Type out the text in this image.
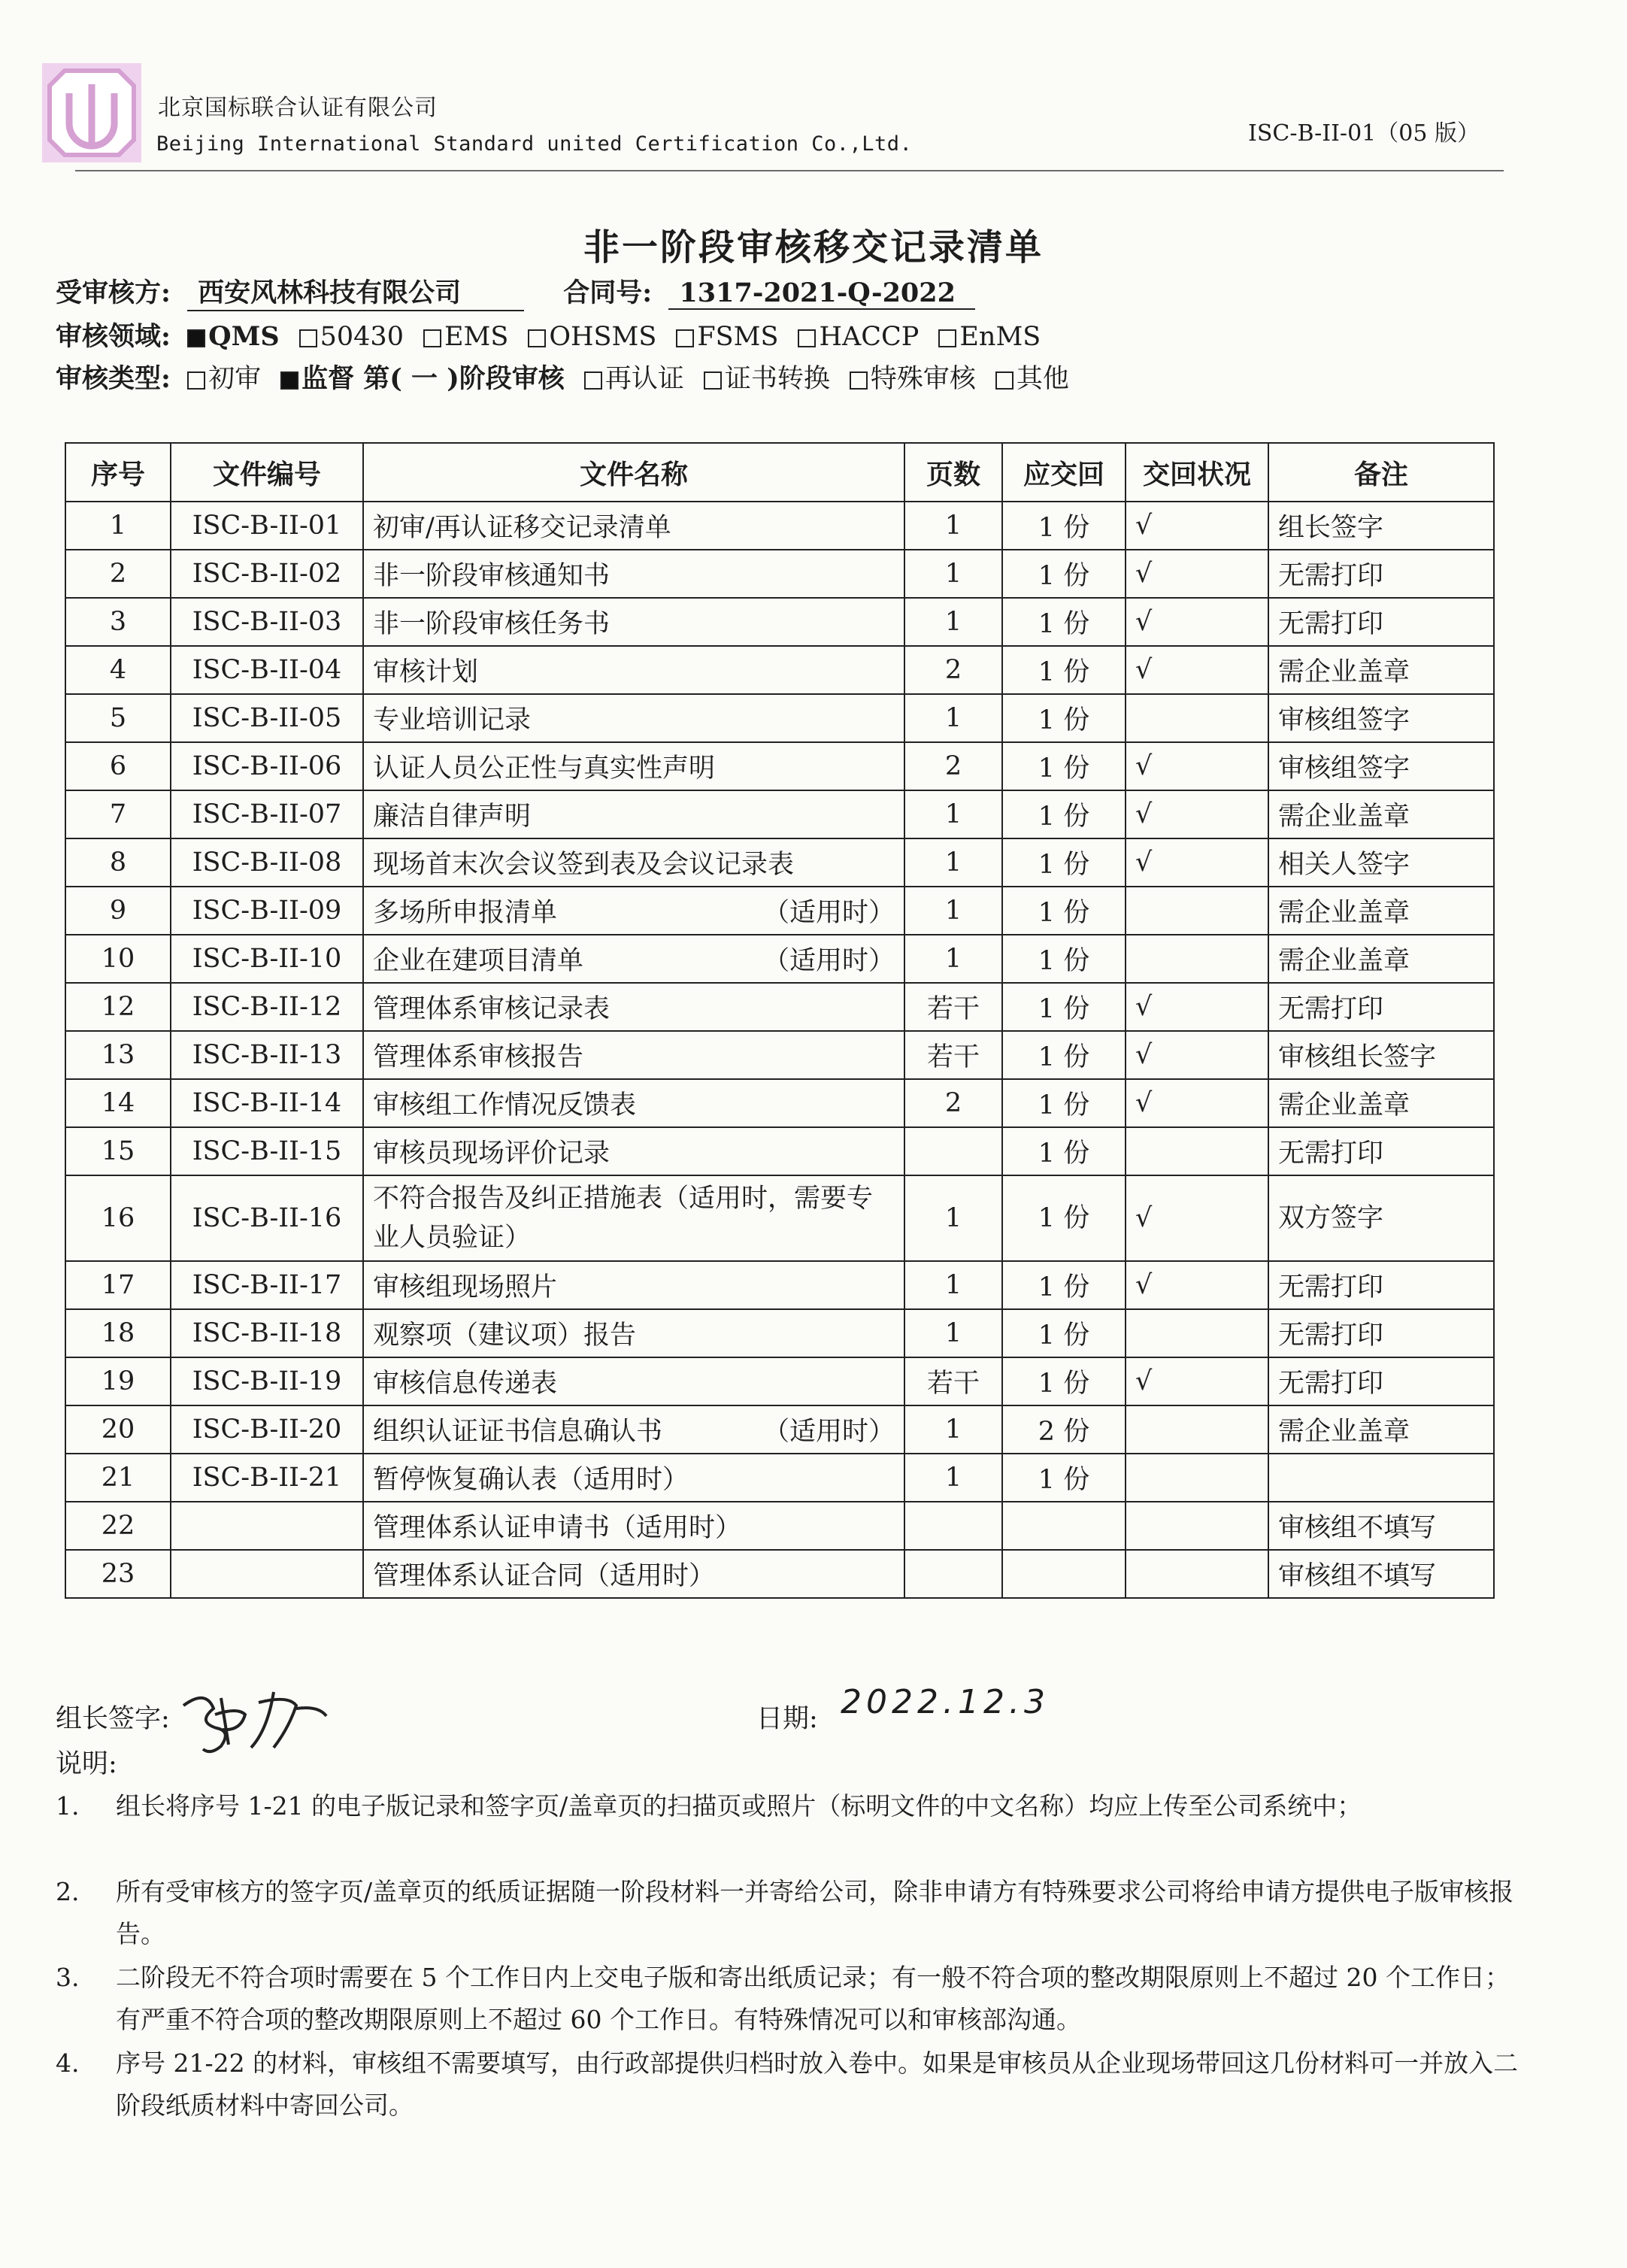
北京国标联合认证有限公司
Beijing International Standard united Certification Co.,Ltd.	ISC-B-II-01（05 版）
非一阶段审核移交记录清单
受审核方: 西安风林科技有限公司	合同号: 1317-2021-Q-2022
审核领域: QMS 50430 EMS OHSMS FSMS HACCP EnMS
审核类型: 初审 监督 第( 一 )阶段审核 再认证 证书转换 特殊审核 其他
序号	文件编号	文件名称	页数	应交回	交回状况	备注
1	ISC-B-II-01	初审/再认证移交记录清单	1	1 份	√	组长签字
2	ISC-B-II-02	非一阶段审核通知书	1	1 份	√	无需打印
3	ISC-B-II-03	非一阶段审核任务书	1	1 份	√	无需打印
4	ISC-B-II-04	审核计划	2	1 份	√	需企业盖章
5	ISC-B-II-05	专业培训记录	1	1 份		审核组签字
6	ISC-B-II-06	认证人员公正性与真实性声明	2	1 份	√	审核组签字
7	ISC-B-II-07	廉洁自律声明	1	1 份	√	需企业盖章
8	ISC-B-II-08	现场首末次会议签到表及会议记录表	1	1 份	√	相关人签字
9	ISC-B-II-09	多场所申报清单 （适用时）	1	1 份		需企业盖章
10	ISC-B-II-10	企业在建项目清单 （适用时）	1	1 份		需企业盖章
12	ISC-B-II-12	管理体系审核记录表	若干	1 份	√	无需打印
13	ISC-B-II-13	管理体系审核报告	若干	1 份	√	审核组长签字
14	ISC-B-II-14	审核组工作情况反馈表	2	1 份	√	需企业盖章
15	ISC-B-II-15	审核员现场评价记录		1 份		无需打印
16	ISC-B-II-16	不符合报告及纠正措施表（适用时，需要专业人员验证）	1	1 份	√	双方签字
17	ISC-B-II-17	审核组现场照片	1	1 份	√	无需打印
18	ISC-B-II-18	观察项（建议项）报告	1	1 份		无需打印
19	ISC-B-II-19	审核信息传递表	若干	1 份	√	无需打印
20	ISC-B-II-20	组织认证证书信息确认书 （适用时）	1	2 份		需企业盖章
21	ISC-B-II-21	暂停恢复确认表（适用时）	1	1 份		
22		管理体系认证申请书（适用时）				审核组不填写
23		管理体系认证合同（适用时）				审核组不填写
组长签字:	日期: 2022.12.3
说明:
1. 组长将序号 1-21 的电子版记录和签字页/盖章页的扫描页或照片（标明文件的中文名称）均应上传至公司系统中；
2. 所有受审核方的签字页/盖章页的纸质证据随一阶段材料一并寄给公司，除非申请方有特殊要求公司将给申请方提供电子版审核报告。
3. 二阶段无不符合项时需要在 5 个工作日内上交电子版和寄出纸质记录；有一般不符合项的整改期限原则上不超过 20 个工作日；有严重不符合项的整改期限原则上不超过 60 个工作日。有特殊情况可以和审核部沟通。
4. 序号 21-22 的材料，审核组不需要填写，由行政部提供归档时放入卷中。如果是审核员从企业现场带回这几份材料可一并放入二阶段纸质材料中寄回公司。
